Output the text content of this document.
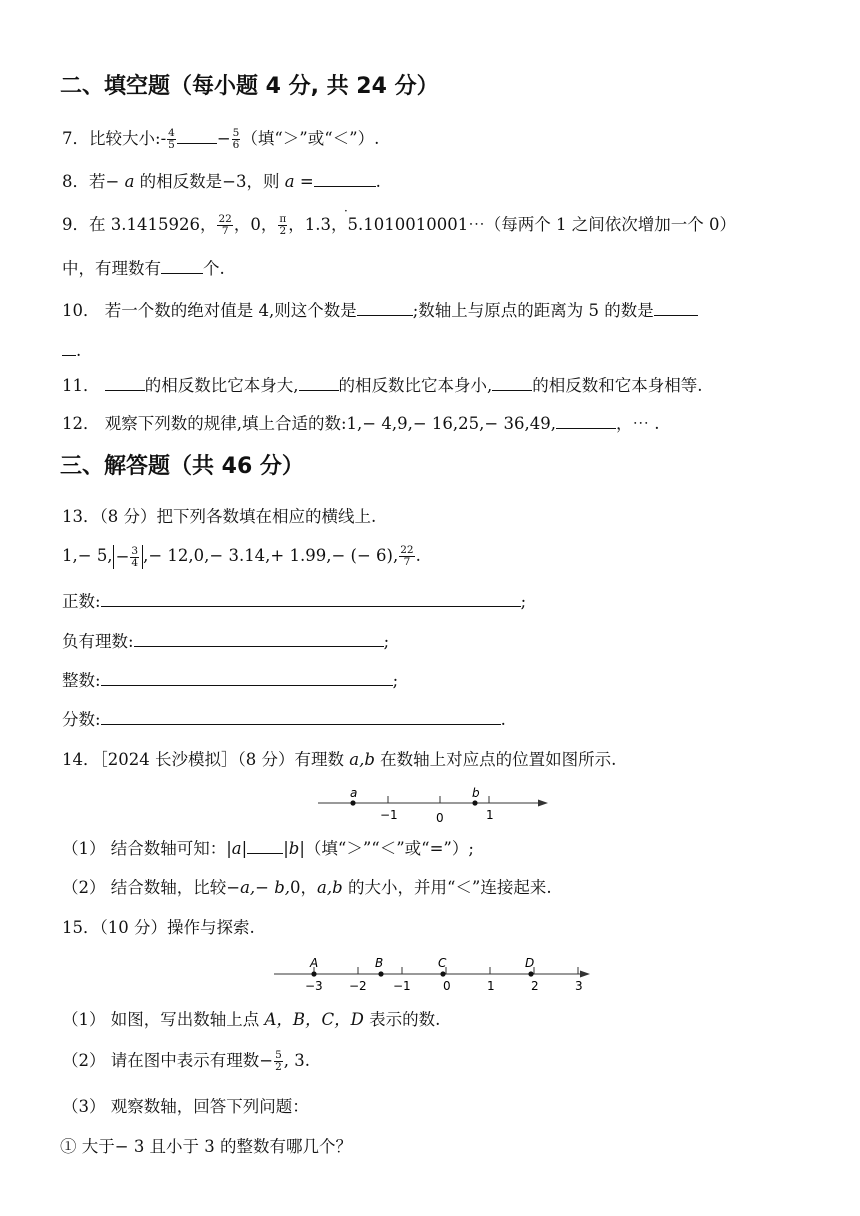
二、填空题（每小题 4 分, 共 24 分）
7．比较大小:- $\frac{4}{5} - \frac{5}{6}$ （填“＞”或“＜”）.
8．若− a 的相反数是−3，则 a =	.
9．在 3.1415926， $\frac{22}{7}$ ，0， $\frac{\pi}{2}$ ，1.3，5.1010010001⋯（每两个 1 之间依次增加一个 0）
·
中，有理数有	个.
10． 若一个数的绝对值是 4,则这个数是	;数轴上与原点的距离为 5 的数是
.
11．	的相反数比它本身大, 的相反数比它本身小, 的相反数和它本身相等.
12． 观察下列数的规律,填上合适的数:1,− 4,9,− 16,25,− 36,49,	，⋯ .
三、解答题（共 46 分）
13．（8 分）把下列各数填在相应的横线上.
1,− 5, − $\frac{3}{4}$ ,− 12,0,− 3.14,+ 1.99,− (− 6), $\frac{22}{7}$ .
正数:	;
负有理数:	;
整数:	;
分数:	.
14．［2024 长沙模拟］（8 分）有理数 a,b 在数轴上对应点的位置如图所示.
a	b
−1	0	1
（1） 结合数轴可知：|a| |b|（填“＞”“＜”或“=”）;
（2） 结合数轴，比较−a,− b,0，a,b 的大小，并用“＜”连接起来.
15．（10 分）操作与探索.
−3 −2 −1	0	1	2	3
A	B	C	D
（1） 如图，写出数轴上点 A，B，C，D 表示的数.
（2） 请在图中表示有理数− $\frac{5}{2}$ , 3.
（3） 观察数轴，回答下列问题：
① 大于− 3 且小于 3 的整数有哪几个？
